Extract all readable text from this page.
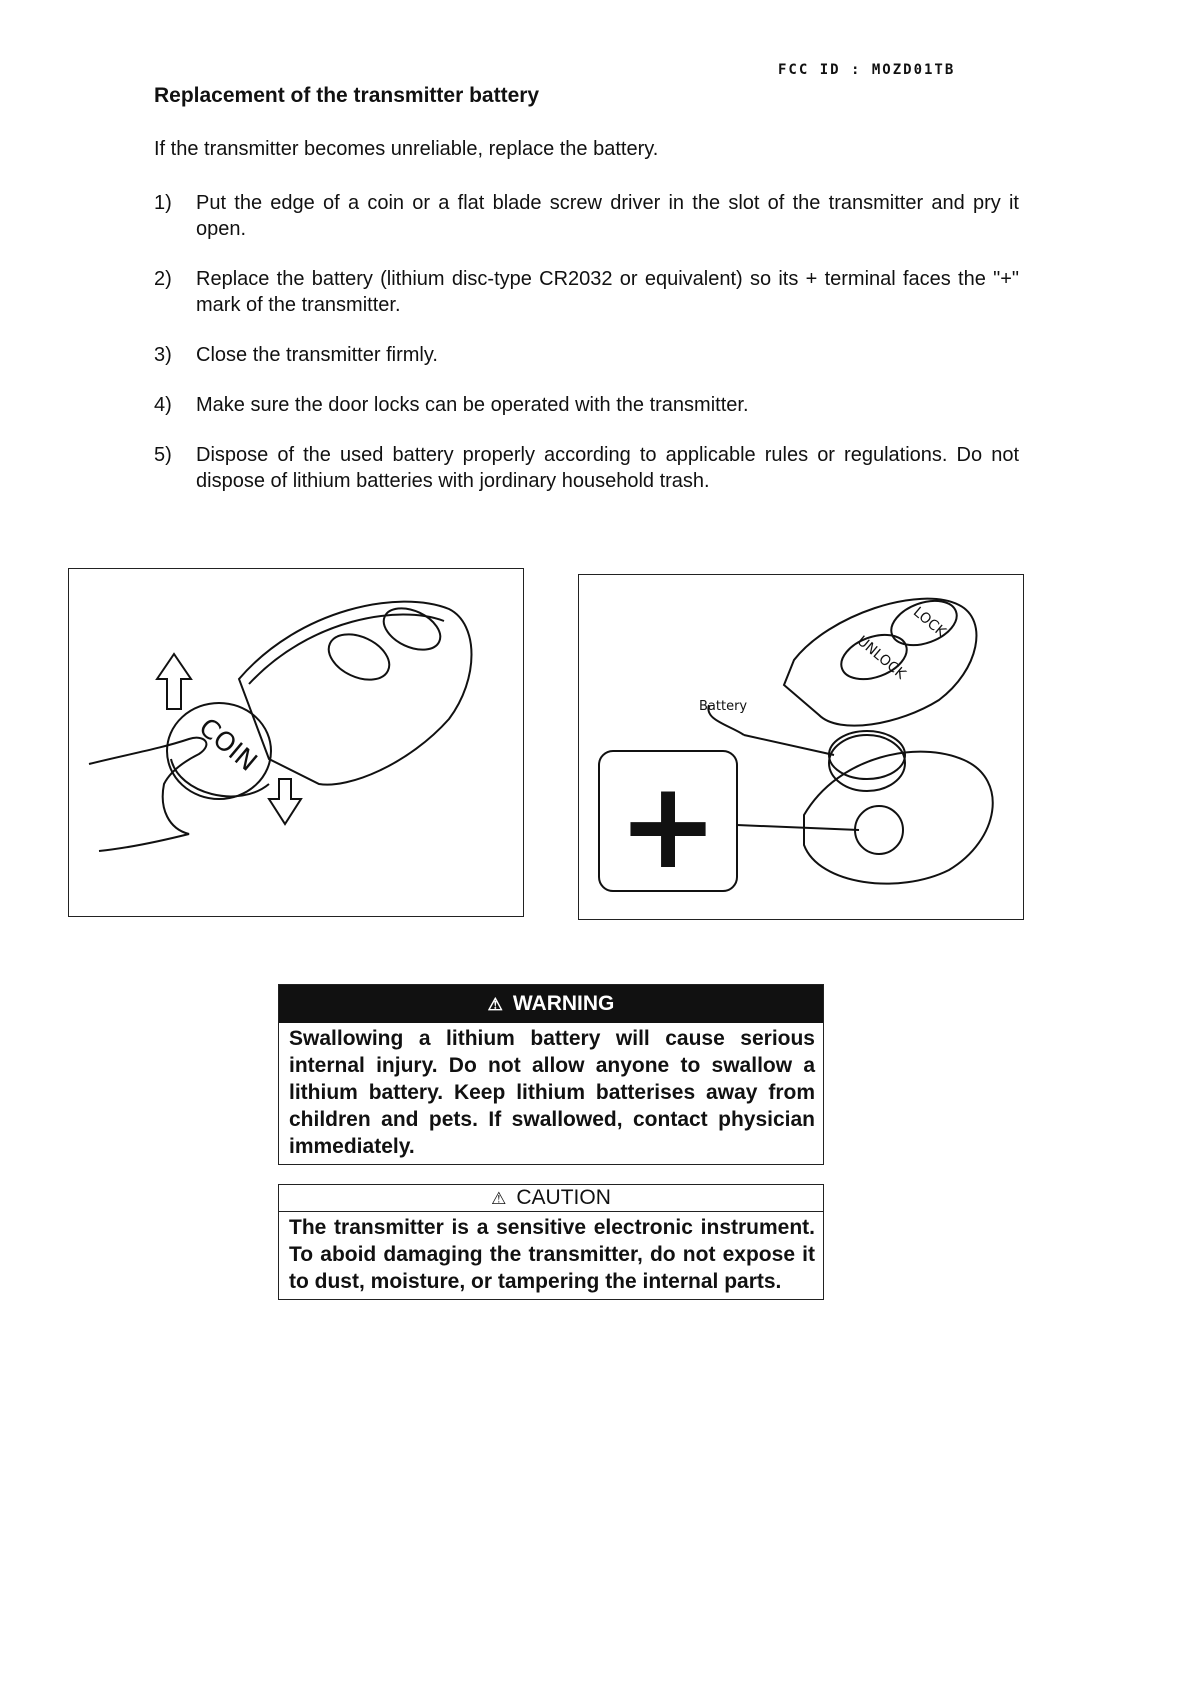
FCC ID : MOZD01TB
Replacement of the transmitter battery
If the transmitter becomes unreliable, replace the battery.
1)	Put the edge of a coin or a flat blade screw driver in the slot of the transmitter and pry it open.
2)	Replace the battery (lithium disc-type CR2032 or equivalent) so its + terminal faces the "+" mark of the transmitter.
3)	Close the transmitter firmly.
4)	Make sure the door locks can be operated with the transmitter.
5)	Dispose of the used battery properly according to applicable rules or regulations. Do not dispose of lithium batteries with jordinary household trash.
COIN
LOCK
UNLOCK
Battery
+
⚠ WARNING
Swallowing a lithium battery will cause serious internal injury. Do not allow anyone to swallow a lithium battery. Keep lithium batterises away from children and pets. If swallowed, contact physician immediately.
⚠ CAUTION
The transmitter is a sensitive electronic instrument. To aboid damaging the transmitter, do not expose it to dust, moisture, or tampering the internal parts.
